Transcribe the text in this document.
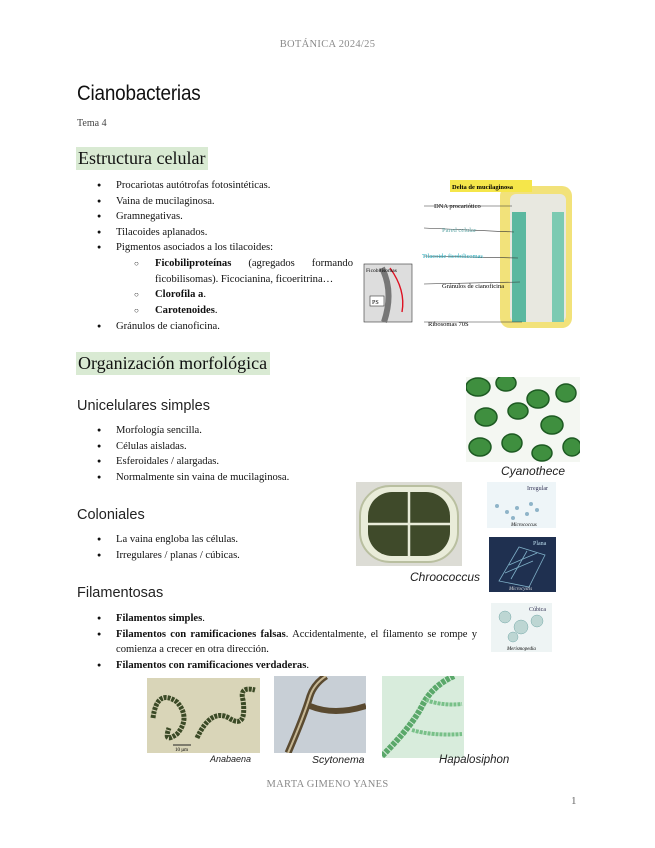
BOTÁNICA 2024/25
Cianobacterias
Tema 4
Estructura celular
● Procariotas autótrofas fotosintéticas.
● Vaina de mucilaginosa.
● Gramnegativas.
● Tilacoides aplanados.
● Pigmentos asociados a los tilacoides:
○ Ficobiliproteínas (agregados formando ficobilisomas). Ficocianina, ficoeritrina…
○ Clorofila a.
○ Carotenoides.
● Gránulos de cianoficina.
Delta de mucilaginosa
DNA procariótico
Pared celular
Tilacoide ficobilisomas
Gránulos de cianoficina
Ribosomas 70S
Ficobilisomas
PS
Organización morfológica
Unicelulares simples
● Morfología sencilla.
● Células aisladas.
● Esferoidales / alargadas.
● Normalmente sin vaina de mucilaginosa.	Cyanothece
Coloniales
● La vaina engloba las células.
● Irregulares / planas / cúbicas.
Chroococcus
Irregular
Micrococcus
Plana
Microcystis
Cúbica
Merismopedia
Filamentosas
● Filamentos simples.
● Filamentos con ramificaciones falsas. Accidentalmente, el filamento se rompe y comienza a crecer en otra dirección.
● Filamentos con ramificaciones verdaderas.
10 µm
Anabaena	Scytonema	Hapalosiphon
MARTA GIMENO YANES
1
